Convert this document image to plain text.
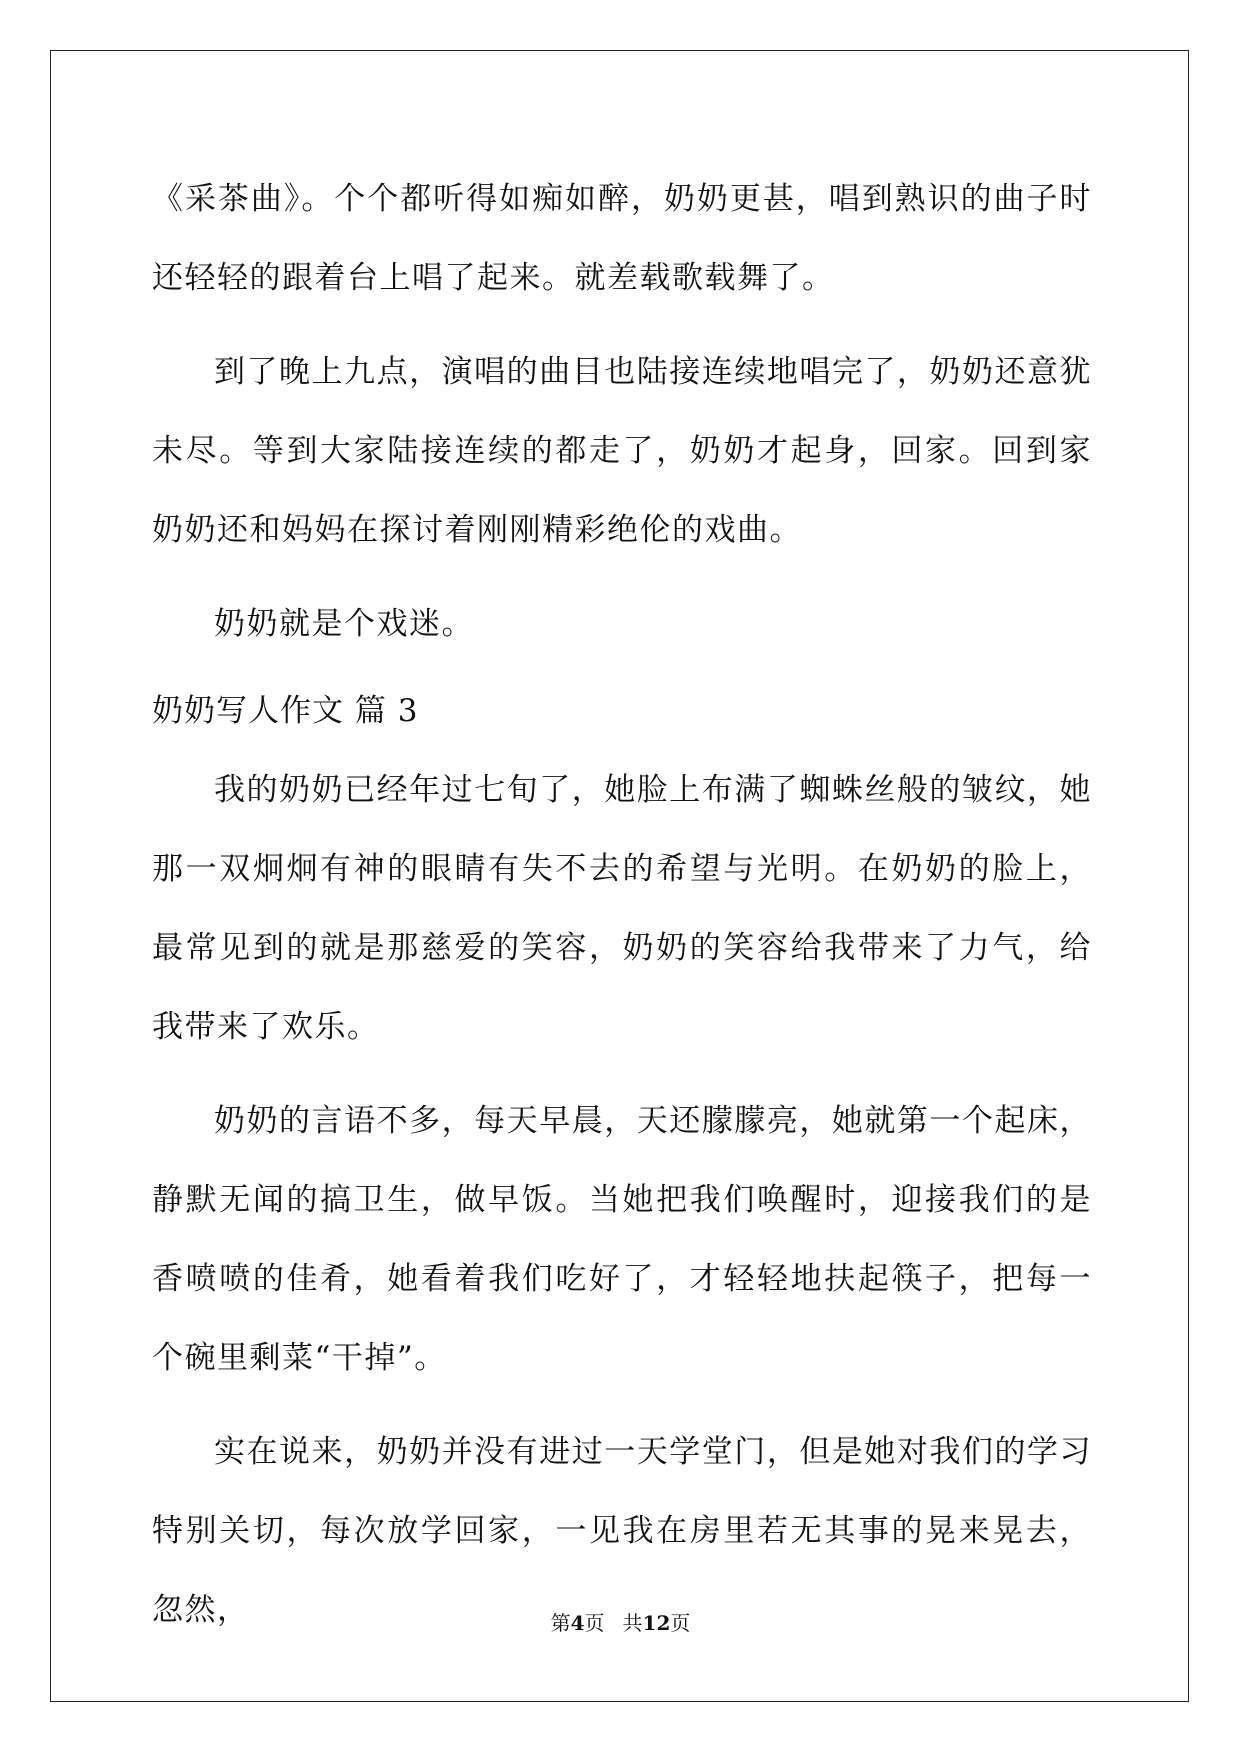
《采茶曲》。个个都听得如痴如醉，奶奶更甚，唱到熟识的曲子时还轻轻的跟着台上唱了起来。就差载歌载舞了。

到了晚上九点，演唱的曲目也陆接连续地唱完了，奶奶还意犹未尽。等到大家陆接连续的都走了，奶奶才起身，回家。回到家奶奶还和妈妈在探讨着刚刚精彩绝伦的戏曲。

奶奶就是个戏迷。

奶奶写人作文 篇 3

我的奶奶已经年过七旬了，她脸上布满了蜘蛛丝般的皱纹，她那一双炯炯有神的眼睛有失不去的希望与光明。在奶奶的脸上，最常见到的就是那慈爱的笑容，奶奶的笑容给我带来了力气，给我带来了欢乐。

奶奶的言语不多，每天早晨，天还朦朦亮，她就第一个起床，静默无闻的搞卫生，做早饭。当她把我们唤醒时，迎接我们的是香喷喷的佳肴，她看着我们吃好了，才轻轻地扶起筷子，把每一个碗里剩菜“干掉”。

实在说来，奶奶并没有进过一天学堂门，但是她对我们的学习特别关切，每次放学回家，一见我在房里若无其事的晃来晃去，忽然，	第4页 共12页
